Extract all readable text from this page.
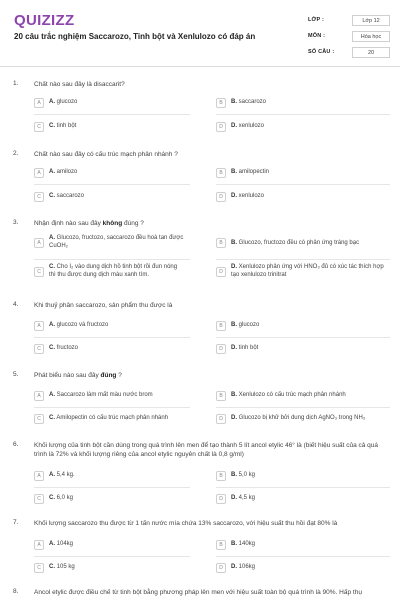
QUIZIZZ
20 câu trắc nghiệm Saccarozo, Tinh bột và Xenlulozo có đáp án
LỚP :	Lớp 12
MÔN :	Hóa học
SỐ CÂU :	20
1. Chất nào sau đây là disaccarit?
A	A. glucozo	B	B. saccarozo
C	C. tinh bột	D	D. xenlulozo
2. Chất nào sau đây có cấu trúc mạch phân nhánh ?
A	A. amilozo	B	B. amilopectin
C	C. saccarozo	D	D. xenlulozo
3. Nhận định nào sau đây không đúng ?
A
A. Glucozo, fructozo, saccarozo đều hoà tan được CuOH₂	B	B. Glucozo, fructozo đều có phản ứng tráng bạc
C
C. Cho I₂ vào dung dịch hồ tinh bột rồi đun nóng thì thu được dung dịch màu xanh tím.	D
D. Xenlulozo phản ứng với HNO₃ đủ có xúc tác thích hợp tạo xenlulozo trinitrat
4. Khi thuỷ phân saccarozo, sản phẩm thu được là
A	A. glucozo và fructozo	B	B. glucozo
C	C. fructozo	D	D. tinh bột
5. Phát biểu nào sau đây đúng ?
A	A. Saccarozo làm mất màu nước brom	B	B. Xenlulozo có cấu trúc mạch phân nhánh
C	C. Amilopectin có cấu trúc mạch phân nhánh	D	D. Glucozo bị khử bởi dung dịch AgNO₃ trong NH₃
6. Khối lượng của tinh bột cần dùng trong quá trình lên men để tạo thành 5 lít ancol etylic 46° là (biết hiệu suất của cả quá trình là 72% và khối lượng riêng của ancol etylic nguyên chất là 0,8 g/ml)
A	A. 5,4 kg.	B	B. 5,0 kg
C	C. 6,0 kg	D	D. 4,5 kg
7. Khối lượng saccarozo thu được từ 1 tấn nước mía chứa 13% saccarozo, với hiệu suất thu hồi đạt 80% là
A	A. 104kg	B	B. 140kg
C	C. 105 kg	D	D. 106kg
8. Ancol etylic được điều chế từ tinh bột bằng phương pháp lên men với hiệu suất toàn bộ quá trình là 90%. Hấp thụ
